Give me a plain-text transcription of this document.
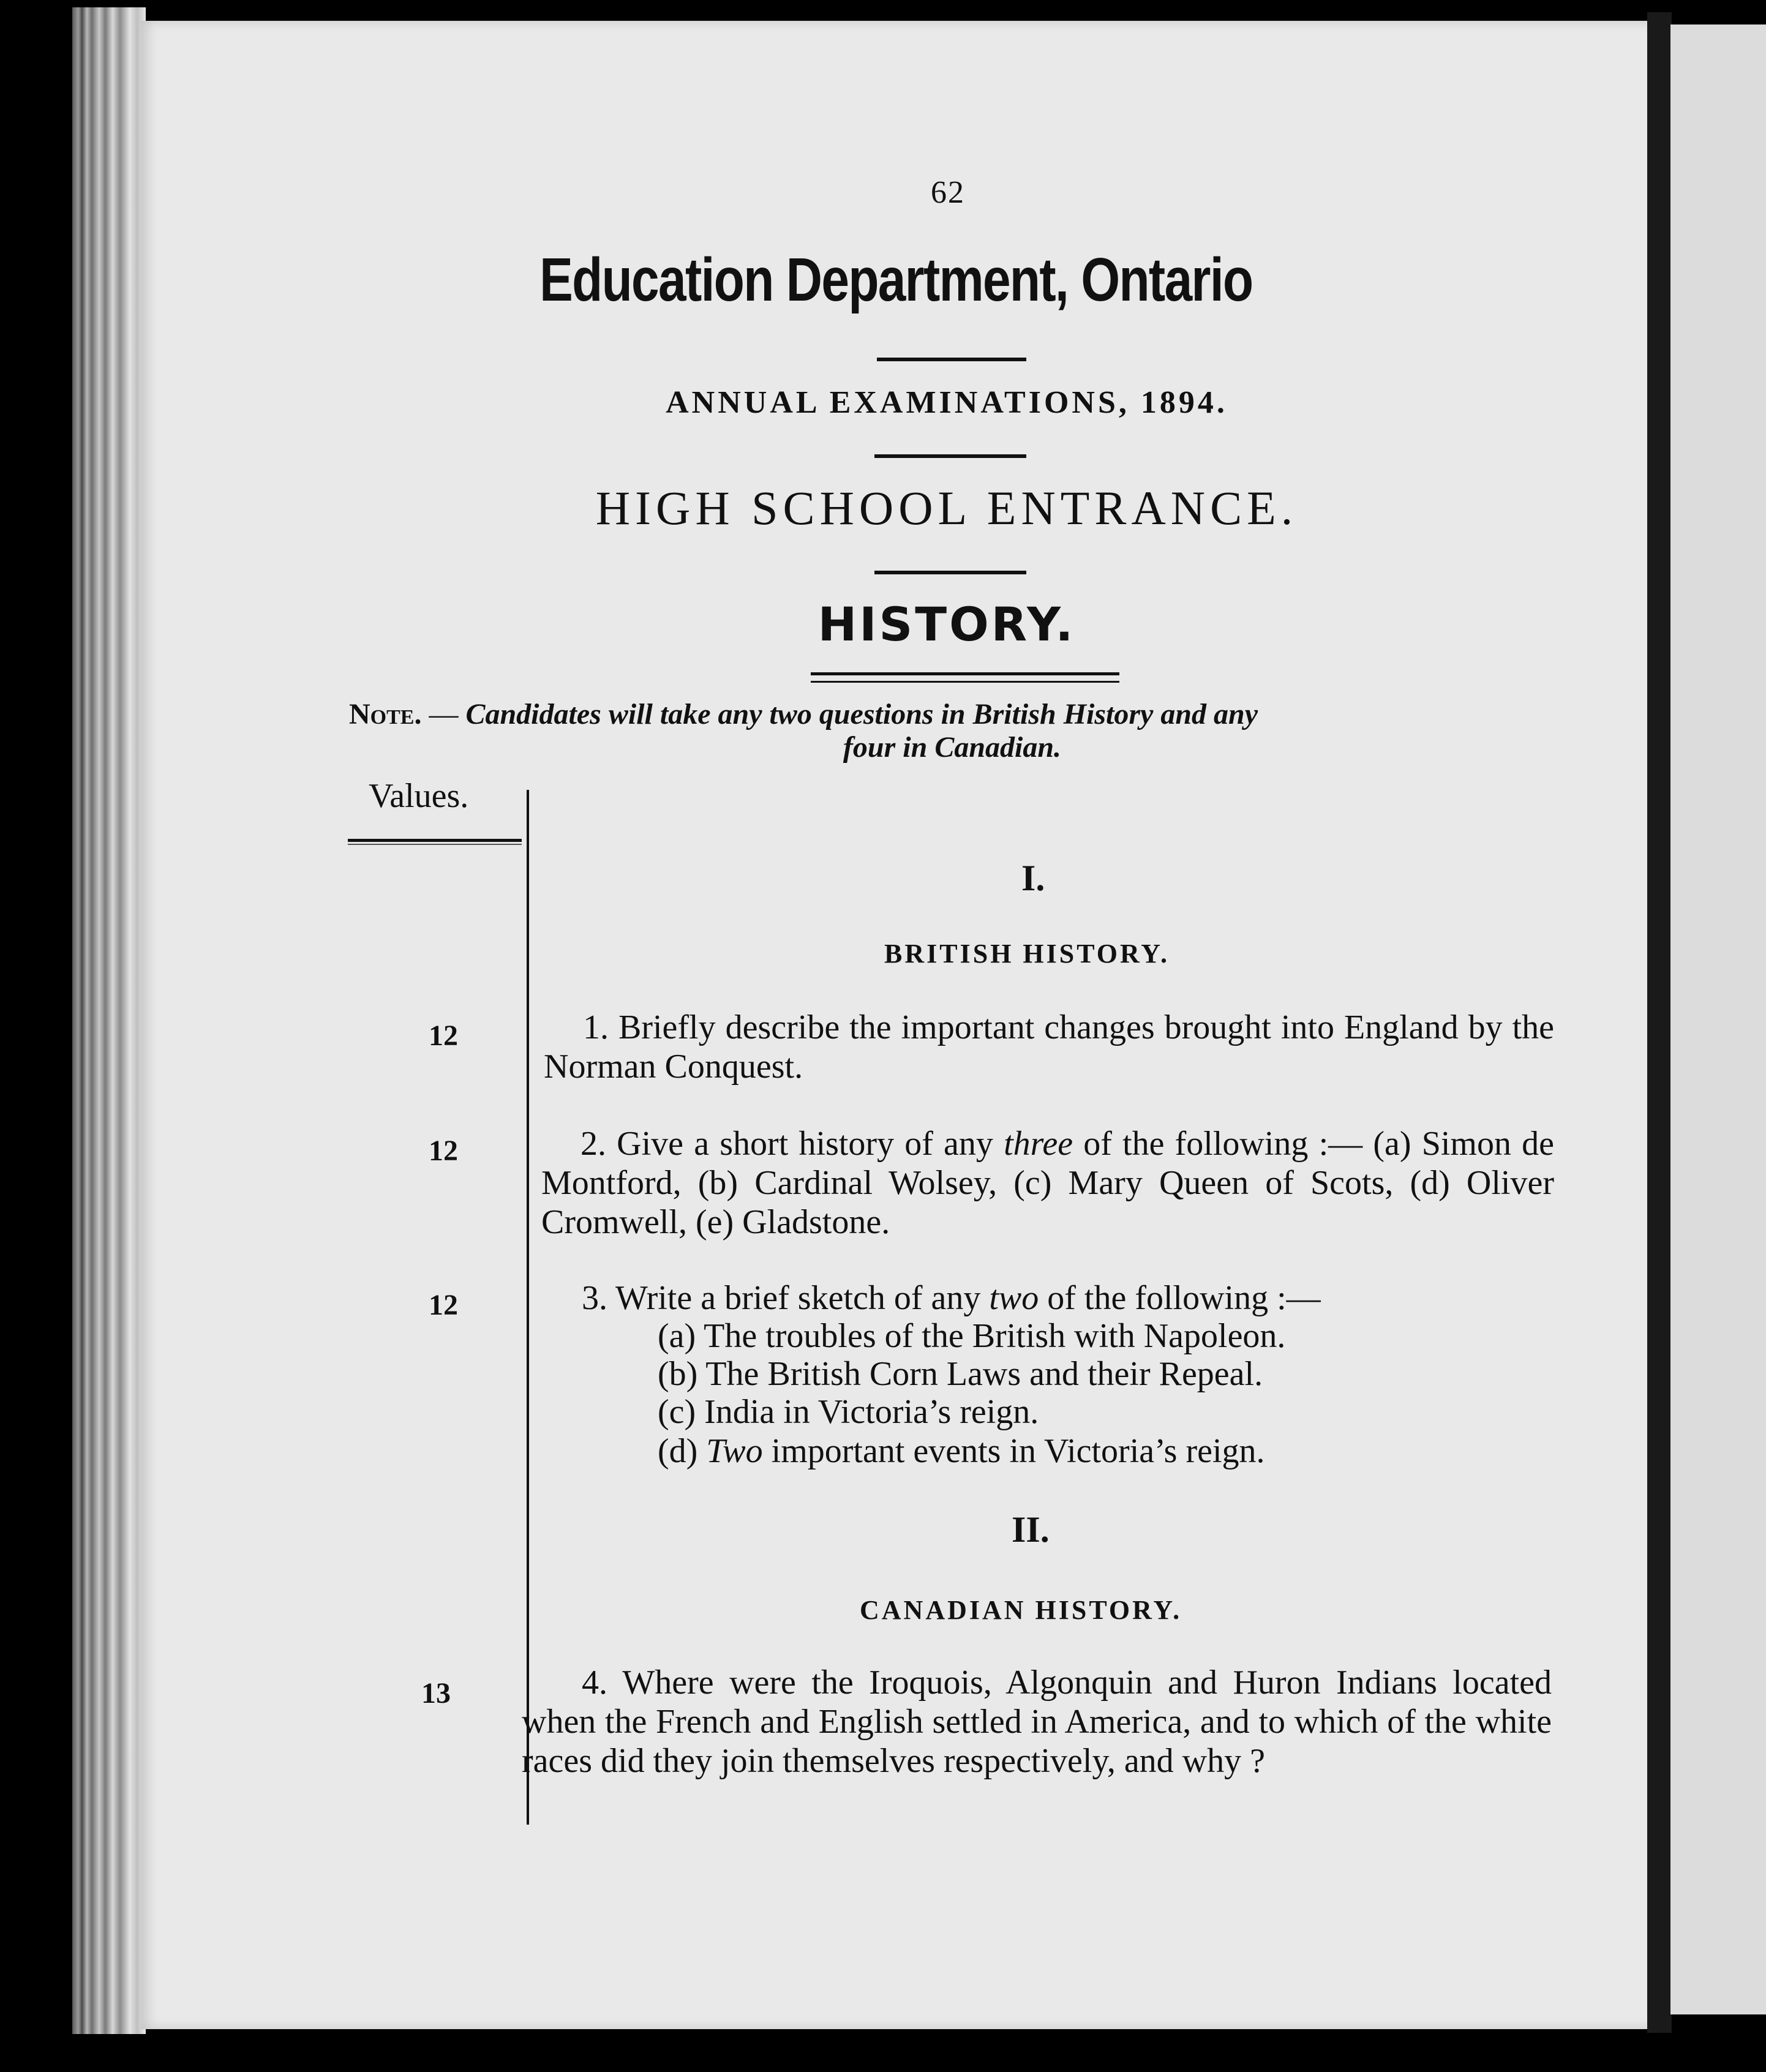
62
Education Department, Ontario
ANNUAL EXAMINATIONS, 1894.
HIGH SCHOOL ENTRANCE.
HISTORY.
Note. — Candidates will take any two questions in British History and any
four in Canadian.
Values.
I.
BRITISH HISTORY.
12	1. Briefly describe the important changes brought into England by the Norman Conquest.
12	2. Give a short history of any three of the following :— (a) Simon de Montford, (b) Cardinal Wolsey, (c) Mary Queen of Scots, (d) Oliver Cromwell, (e) Gladstone.
12	3. Write a brief sketch of any two of the following :—
(a) The troubles of the British with Napoleon.
(b) The British Corn Laws and their Repeal.
(c) India in Victoria’s reign.
(d) Two important events in Victoria’s reign.
II.
CANADIAN HISTORY.
13	4. Where were the Iroquois, Algonquin and Huron Indians located when the French and English settled in America, and to which of the white races did they join themselves respectively, and why ?
